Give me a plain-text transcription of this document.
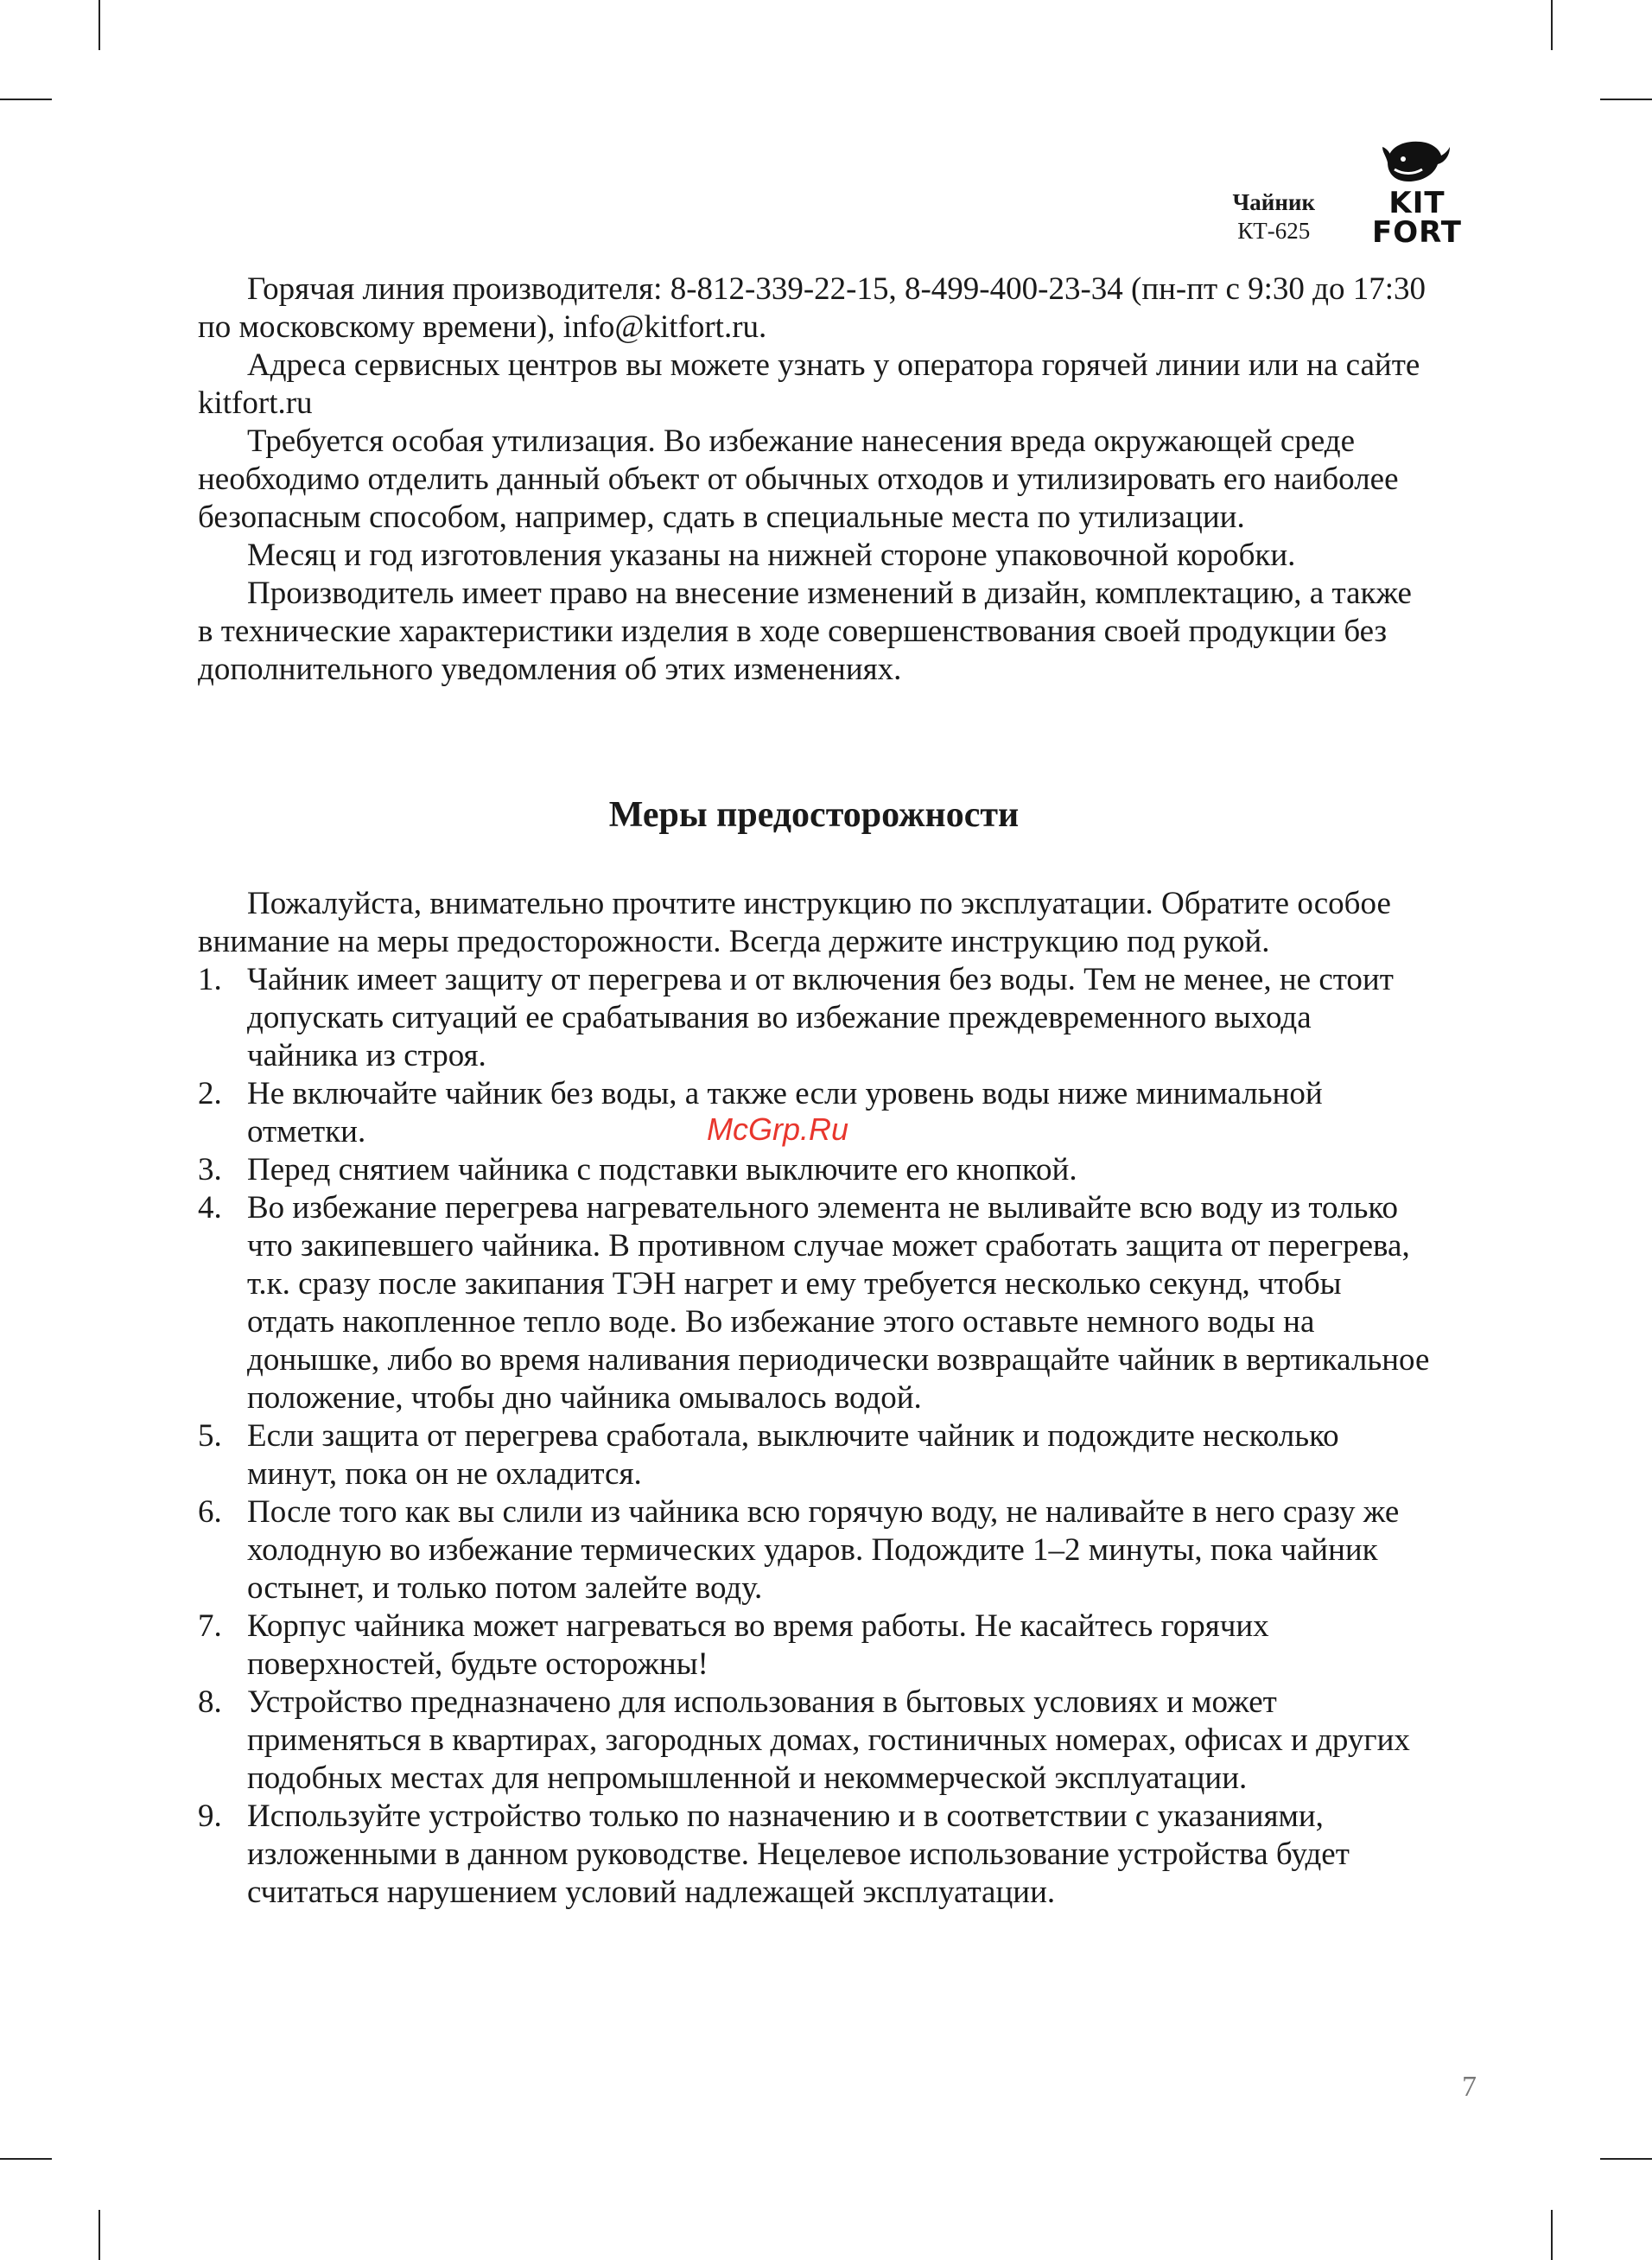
Чайник
КТ-625
KIT
FORT

Горячая линия производителя: 8-812-339-22-15, 8-499-400-23-34 (пн-пт с 9:30 до 17:30 по московскому времени), info@kitfort.ru.

Адреса сервисных центров вы можете узнать у оператора горячей линии или на сайте kitfort.ru

Требуется особая утилизация. Во избежание нанесения вреда окружающей среде необходимо отделить данный объект от обычных отходов и утилизировать его наиболее безопасным способом, например, сдать в специальные места по утилизации.

Месяц и год изготовления указаны на нижней стороне упаковочной коробки.

Производитель имеет право на внесение изменений в дизайн, комплектацию, а также в технические характеристики изделия в ходе совершенствования своей продукции без дополнительного уведомления об этих изменениях.

Меры предосторожности

Пожалуйста, внимательно прочтите инструкцию по эксплуатации. Обратите особое внимание на меры предосторожности. Всегда держите инструкцию под рукой.

1. Чайник имеет защиту от перегрева и от включения без воды. Тем не менее, не стоит допускать ситуаций ее срабатывания во избежание преждевременного выхода чайника из строя.
2. Не включайте чайник без воды, а также если уровень воды ниже минимальной отметки.
3. Перед снятием чайника с подставки выключите его кнопкой.
4. Во избежание перегрева нагревательного элемента не выливайте всю воду из только что закипевшего чайника. В противном случае может сработать защита от перегрева, т.к. сразу после закипания ТЭН нагрет и ему требуется несколько секунд, чтобы отдать накопленное тепло воде. Во избежание этого оставьте немного воды на донышке, либо во время наливания периодически возвращайте чайник в вертикальное положение, чтобы дно чайника омывалось водой.
5. Если защита от перегрева сработала, выключите чайник и подождите несколько минут, пока он не охладится.
6. После того как вы слили из чайника всю горячую воду, не наливайте в него сразу же холодную во избежание термических ударов. Подождите 1–2 минуты, пока чайник остынет, и только потом залейте воду.
7. Корпус чайника может нагреваться во время работы. Не касайтесь горячих поверхностей, будьте осторожны!
8. Устройство предназначено для использования в бытовых условиях и может применяться в квартирах, загородных домах, гостиничных номерах, офисах и других подобных местах для непромышленной и некоммерческой эксплуатации.
9. Используйте устройство только по назначению и в соответствии с указаниями, изложенными в данном руководстве. Нецелевое использование устройства будет считаться нарушением условий надлежащей эксплуатации.
McGrp.Ru
7
